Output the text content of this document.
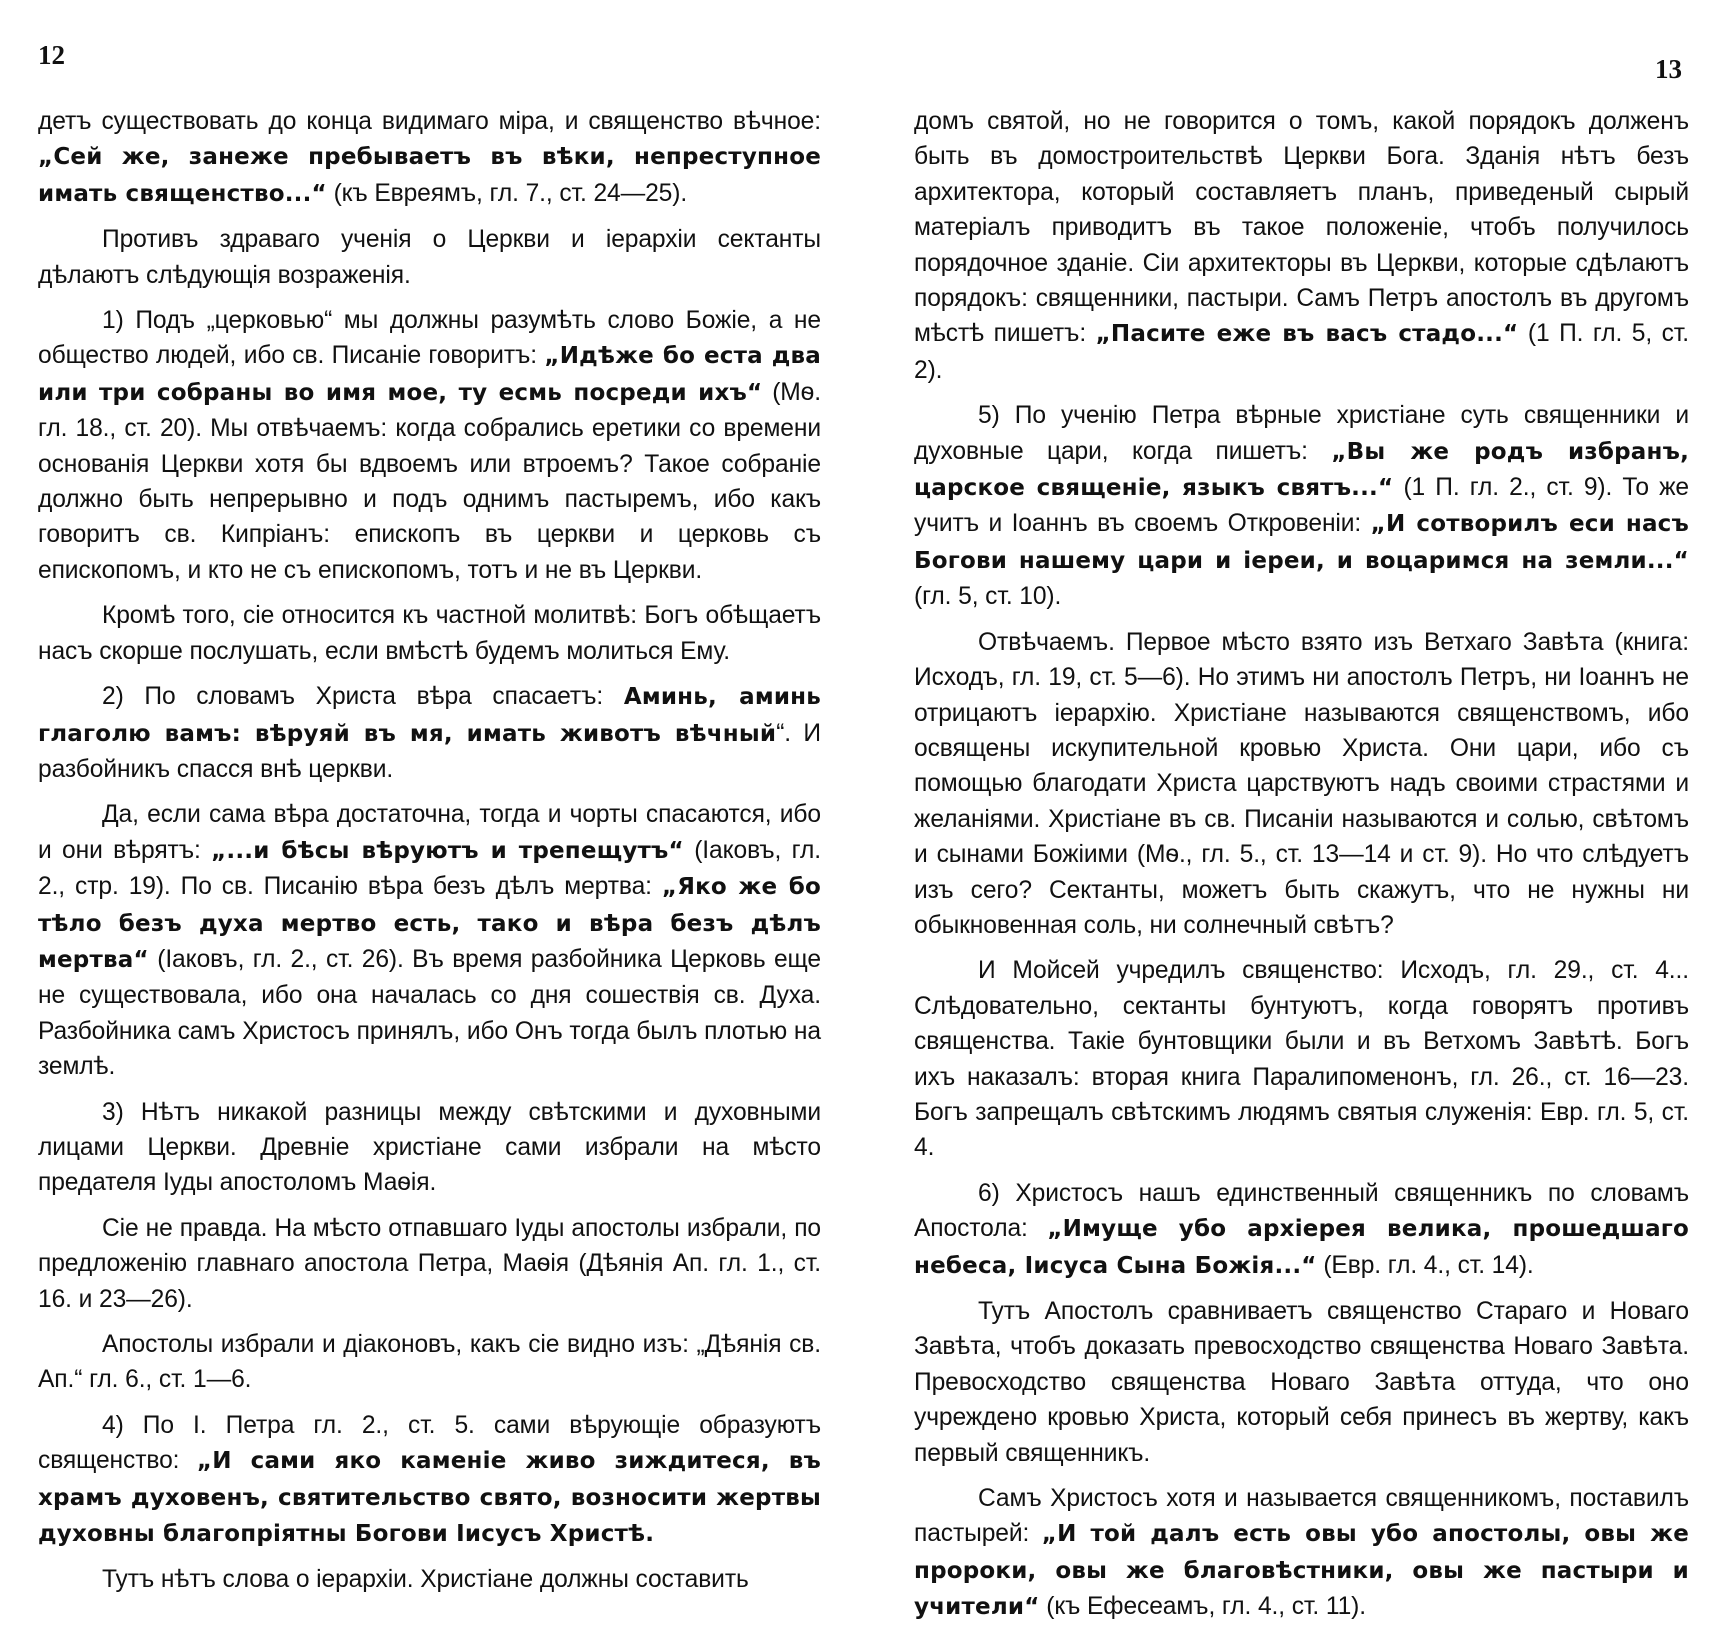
12	13

детъ существовать до конца видимаго міра, и священство вѣчное: „Сей же, занеже пребываетъ въ вѣки, непреступное имать священство...“ (къ Евреямъ, гл. 7., ст. 24—25).

Противъ здраваго ученія о Церкви и іерархіи сектанты дѣлаютъ слѣдующія возраженія.

1) Подъ „церковью“ мы должны разумѣть слово Божіе, а не общество людей, ибо св. Писаніе говоритъ: „Идѣже бо еста два или три собраны во имя мое, ту есмь посреди ихъ“ (Мѳ. гл. 18., ст. 20). Мы отвѣчаемъ: когда собрались еретики со времени основанія Церкви хотя бы вдвоемъ или втроемъ? Такое собраніе должно быть непрерывно и подъ однимъ пастыремъ, ибо какъ говоритъ св. Кипріанъ: епископъ въ церкви и церковь съ епископомъ, и кто не съ епископомъ, тотъ и не въ Церкви.

Кромѣ того, сіе относится къ частной молитвѣ: Богъ обѣщаетъ насъ скорше послушать, если вмѣстѣ будемъ молиться Ему.

2) По словамъ Христа вѣра спасаетъ: Аминь, аминь глаголю вамъ: вѣруяй въ мя, имать животъ вѣчный“. И разбойникъ спасся внѣ церкви.

Да, если сама вѣра достаточна, тогда и чорты спасаются, ибо и они вѣрятъ: „...и бѣсы вѣруютъ и трепещутъ“ (Іаковъ, гл. 2., стр. 19). По св. Писанію вѣра безъ дѣлъ мертва: „Яко же бо тѣло безъ духа мертво есть, тако и вѣра безъ дѣлъ мертва“ (Іаковъ, гл. 2., ст. 26). Въ время разбойника Церковь еще не существовала, ибо она началась со дня сошествія св. Духа. Разбойника самъ Христосъ принялъ, ибо Онъ тогда былъ плотью на землѣ.

3) Нѣтъ никакой разницы между свѣтскими и духовными лицами Церкви. Древніе христіане сами избрали на мѣсто предателя Іуды апостоломъ Маѳія.

Сіе не правда. На мѣсто отпавшаго Іуды апостолы избрали, по предложенію главнаго апостола Петра, Маѳія (Дѣянія Ап. гл. 1., ст. 16. и 23—26).

Апостолы избрали и діаконовъ, какъ сіе видно изъ: „Дѣянія св. Ап.“ гл. 6., ст. 1—6.

4) По І. Петра гл. 2., ст. 5. сами вѣрующіе образуютъ священство: „И сами яко каменіе живо зиждитеся, въ храмъ духовенъ, святительство свято, возносити жертвы духовны благопріятны Богови Іисусъ Христѣ.

Тутъ нѣтъ слова о іерархіи. Христіане должны составить

домъ святой, но не говорится о томъ, какой порядокъ долженъ быть въ домостроительствѣ Церкви Бога. Зданія нѣтъ безъ архитектора, который составляетъ планъ, приведеный сырый матеріалъ приводитъ въ такое положеніе, чтобъ получилось порядочное зданіе. Сіи архитекторы въ Церкви, которые сдѣлаютъ порядокъ: священники, пастыри. Самъ Петръ апостолъ въ другомъ мѣстѣ пишетъ: „Пасите еже въ васъ стадо...“ (1 П. гл. 5, ст. 2).

5) По ученію Петра вѣрные христіане суть священники и духовные цари, когда пишетъ: „Вы же родъ избранъ, царское священіе, языкъ святъ...“ (1 П. гл. 2., ст. 9). То же учитъ и Іоаннъ въ своемъ Откровеніи: „И сотворилъ еси насъ Богови нашему цари и іереи, и воцаримся на земли...“ (гл. 5, ст. 10).

Отвѣчаемъ. Первое мѣсто взято изъ Ветхаго Завѣта (книга: Исходъ, гл. 19, ст. 5—6). Но этимъ ни апостолъ Петръ, ни Іоаннъ не отрицаютъ іерархію. Христіане называются священствомъ, ибо освящены искупительной кровью Христа. Они цари, ибо съ помощью благодати Христа царствуютъ надъ своими страстями и желаніями. Христіане въ св. Писаніи называются и солью, свѣтомъ и сынами Божіими (Мѳ., гл. 5., ст. 13—14 и ст. 9). Но что слѣдуетъ изъ сего? Сектанты, можетъ быть скажутъ, что не нужны ни обыкновенная соль, ни солнечный свѣтъ?

И Мойсей учредилъ священство: Исходъ, гл. 29., ст. 4... Слѣдовательно, сектанты бунтуютъ, когда говорятъ противъ священства. Такіе бунтовщики были и въ Ветхомъ Завѣтѣ. Богъ ихъ наказалъ: вторая книга Паралипоменонъ, гл. 26., ст. 16—23. Богъ запрещалъ свѣтскимъ людямъ святыя служенія: Евр. гл. 5, ст. 4.

6) Христосъ нашъ единственный священникъ по словамъ Апостола: „Имуще убо архіерея велика, прошедшаго небеса, Іисуса Сына Божія...“ (Евр. гл. 4., ст. 14).

Тутъ Апостолъ сравниваетъ священство Стараго и Новаго Завѣта, чтобъ доказать превосходство священства Новаго Завѣта. Превосходство священства Новаго Завѣта оттуда, что оно учреждено кровью Христа, который себя принесъ въ жертву, какъ первый священникъ.

Самъ Христосъ хотя и называется священникомъ, поставилъ пастырей: „И той далъ есть овы убо апостолы, овы же пророки, овы же благовѣстники, овы же пастыри и учители“ (къ Ефесеамъ, гл. 4., ст. 11).
